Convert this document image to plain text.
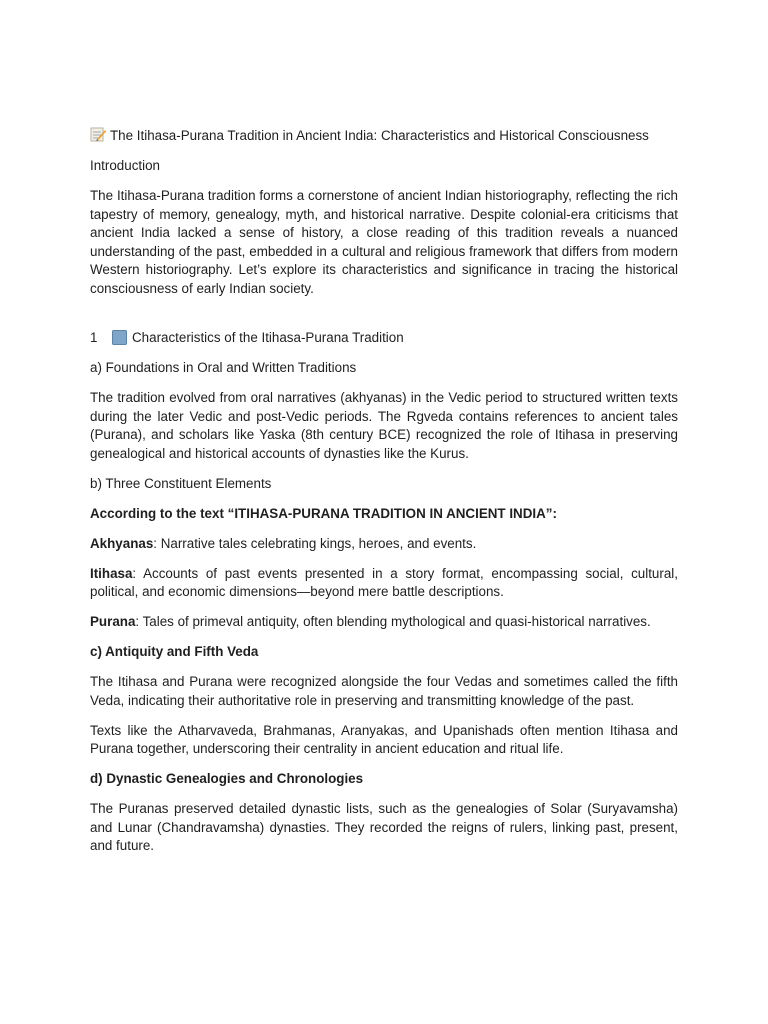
The Itihasa-Purana Tradition in Ancient India: Characteristics and Historical Consciousness

Introduction

The Itihasa-Purana tradition forms a cornerstone of ancient Indian historiography, reflecting the rich tapestry of memory, genealogy, myth, and historical narrative. Despite colonial-era criticisms that ancient India lacked a sense of history, a close reading of this tradition reveals a nuanced understanding of the past, embedded in a cultural and religious framework that differs from modern Western historiography. Let’s explore its characteristics and significance in tracing the historical consciousness of early Indian society.

1	Characteristics of the Itihasa-Purana Tradition

a) Foundations in Oral and Written Traditions

The tradition evolved from oral narratives (akhyanas) in the Vedic period to structured written texts during the later Vedic and post-Vedic periods. The Rgveda contains references to ancient tales (Purana), and scholars like Yaska (8th century BCE) recognized the role of Itihasa in preserving genealogical and historical accounts of dynasties like the Kurus.

b) Three Constituent Elements

According to the text “ITIHASA-PURANA TRADITION IN ANCIENT INDIA”:

Akhyanas: Narrative tales celebrating kings, heroes, and events.

Itihasa: Accounts of past events presented in a story format, encompassing social, cultural, political, and economic dimensions—beyond mere battle descriptions.

Purana: Tales of primeval antiquity, often blending mythological and quasi-historical narratives.

c) Antiquity and Fifth Veda

The Itihasa and Purana were recognized alongside the four Vedas and sometimes called the fifth Veda, indicating their authoritative role in preserving and transmitting knowledge of the past.

Texts like the Atharvaveda, Brahmanas, Aranyakas, and Upanishads often mention Itihasa and Purana together, underscoring their centrality in ancient education and ritual life.

d) Dynastic Genealogies and Chronologies

The Puranas preserved detailed dynastic lists, such as the genealogies of Solar (Suryavamsha) and Lunar (Chandravamsha) dynasties. They recorded the reigns of rulers, linking past, present, and future.
